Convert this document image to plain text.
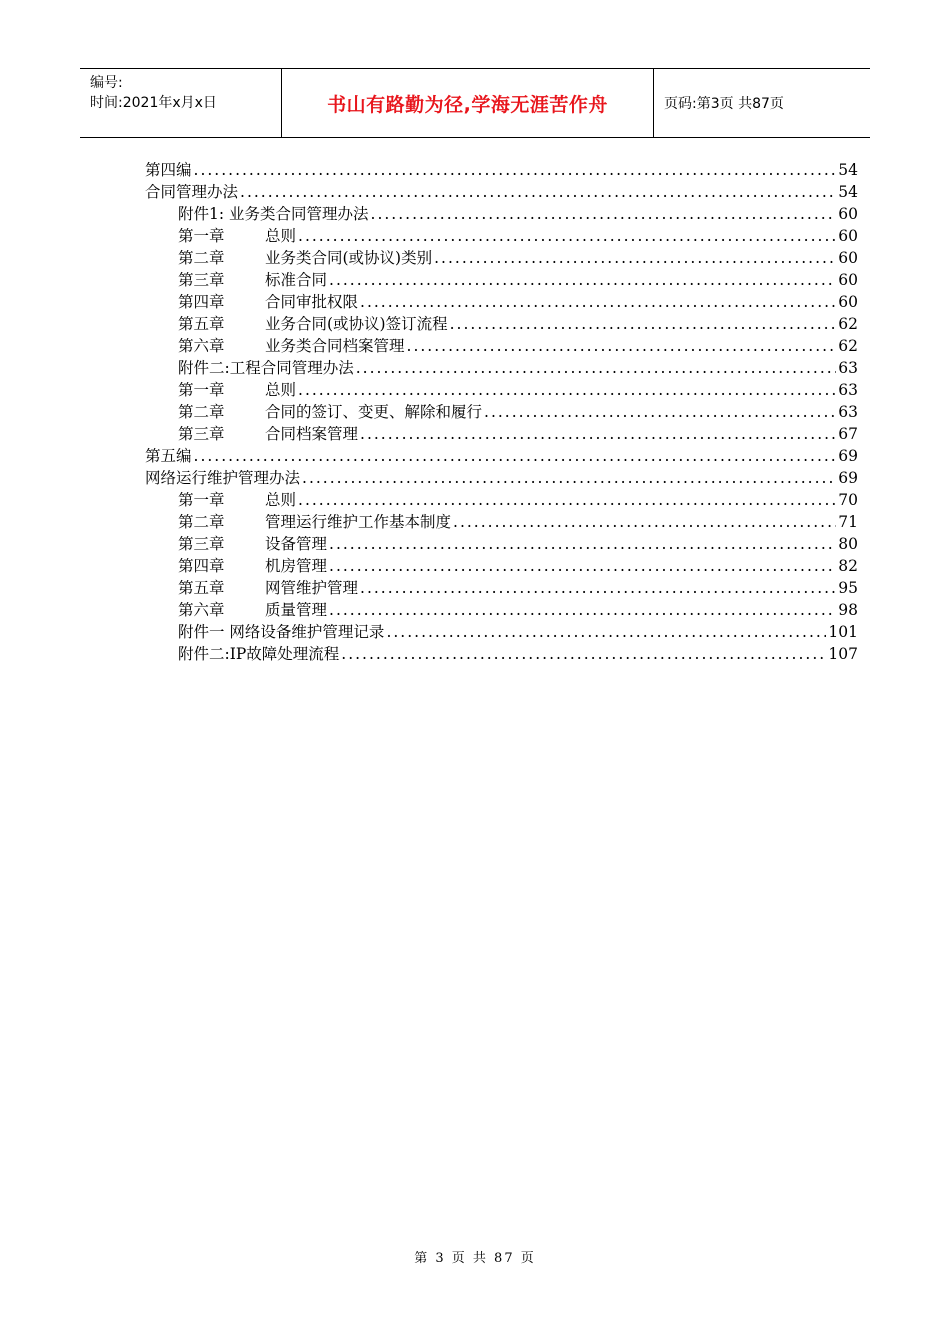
编号:
时间:2021年x月x日	书山有路勤为径,学海无涯苦作舟	页码:第3页 共87页
第四编 .....	54
合同管理办法 .....	54
附件1: 业务类合同管理办法 .....	60
第一章	总则 .....	60
第二章	业务类合同(或协议)类别 .....	60
第三章	标准合同 .....	60
第四章	合同审批权限 .....	60
第五章	业务合同(或协议)签订流程 .....	62
第六章	业务类合同档案管理 .....	62
附件二:工程合同管理办法 .....	63
第一章	总则 .....	63
第二章	合同的签订、变更、解除和履行 .....	63
第三章	合同档案管理 .....	67
第五编 .....	69
网络运行维护管理办法 .....	69
第一章	总则 .....	70
第二章	管理运行维护工作基本制度 .....	71
第三章	设备管理 .....	80
第四章	机房管理 .....	82
第五章	网管维护管理 .....	95
第六章	质量管理 .....	98
附件一 网络设备维护管理记录 .....	101
附件二:IP故障处理流程 .....	107
第 3 页 共 87 页
